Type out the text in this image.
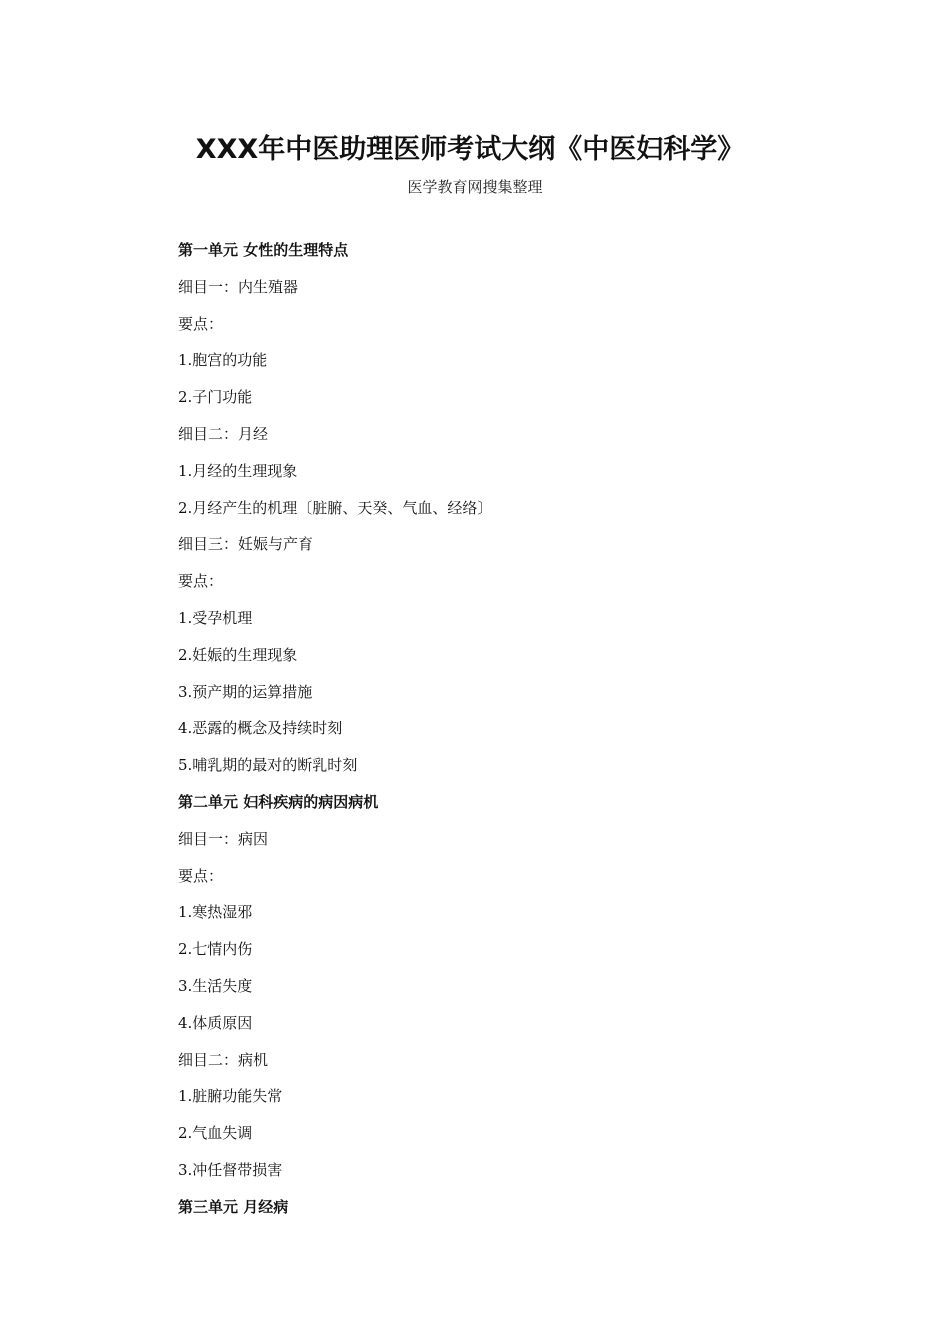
XXX年中医助理医师考试大纲《中医妇科学》

医学教育网搜集整理

第一单元 女性的生理特点
细目一：内生殖器
要点：
1.胞宫的功能
2.子门功能
细目二：月经
1.月经的生理现象
2.月经产生的机理〔脏腑、天癸、气血、经络〕
细目三：妊娠与产育
要点：
1.受孕机理
2.妊娠的生理现象
3.预产期的运算措施
4.恶露的概念及持续时刻
5.哺乳期的最对的断乳时刻
第二单元 妇科疾病的病因病机
细目一：病因
要点：
1.寒热湿邪
2.七情内伤
3.生活失度
4.体质原因
细目二：病机
1.脏腑功能失常
2.气血失调
3.冲任督带损害
第三单元 月经病
